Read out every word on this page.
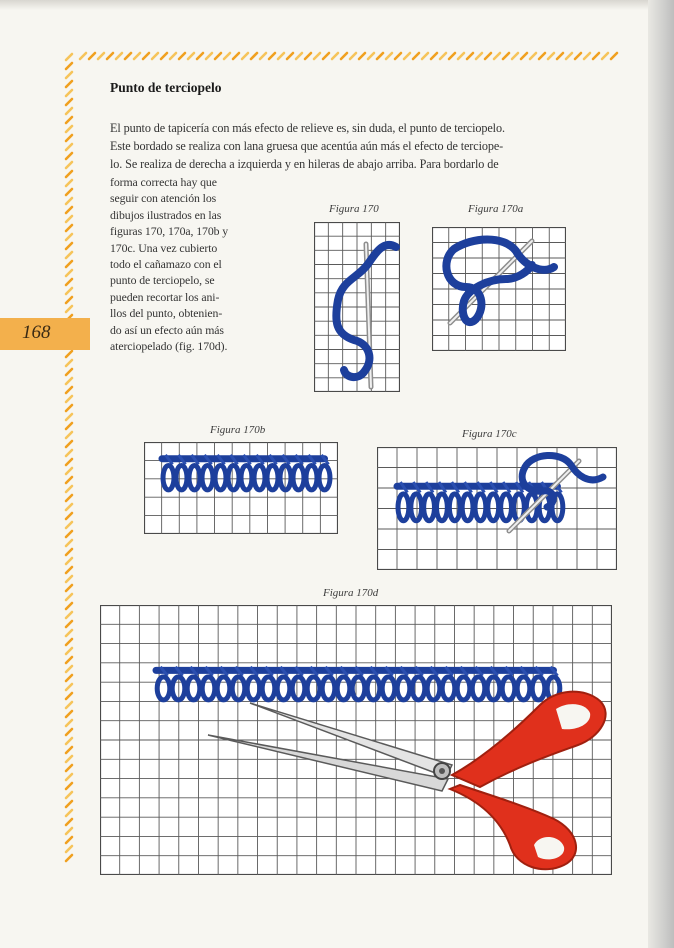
168
Punto de terciopelo
El punto de tapicería con más efecto de relieve es, sin duda, el punto de terciopelo.
Este bordado se realiza con lana gruesa que acentúa aún más el efecto de terciope-
lo. Se realiza de derecha a izquierda y en hileras de abajo arriba. Para bordarlo de
forma correcta hay que
seguir con atención los
dibujos ilustrados en las
figuras 170, 170a, 170b y
170c. Una vez cubierto
todo el cañamazo con el
punto de terciopelo, se
pueden recortar los ani-
llos del punto, obtenien-
do así un efecto aún más
aterciopelado (fig. 170d).
Figura 170	Figura 170a
Figura 170b	Figura 170c
Figura 170d
